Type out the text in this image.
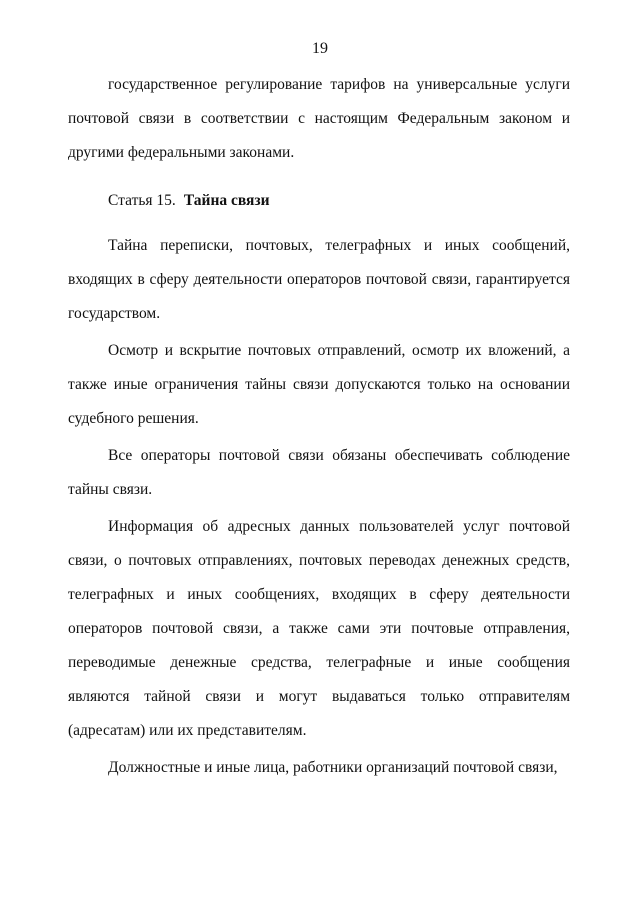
19

государственное регулирование тарифов на универсальные услуги почтовой связи в соответствии с настоящим Федеральным законом и другими федеральными законами.

Статья 15. Тайна связи

Тайна переписки, почтовых, телеграфных и иных сообщений, входящих в сферу деятельности операторов почтовой связи, гарантируется государством.

Осмотр и вскрытие почтовых отправлений, осмотр их вложений, а также иные ограничения тайны связи допускаются только на основании судебного решения.

Все операторы почтовой связи обязаны обеспечивать соблюдение тайны связи.

Информация об адресных данных пользователей услуг почтовой связи, о почтовых отправлениях, почтовых переводах денежных средств, телеграфных и иных сообщениях, входящих в сферу деятельности операторов почтовой связи, а также сами эти почтовые отправления, переводимые денежные средства, телеграфные и иные сообщения являются тайной связи и могут выдаваться только отправителям (адресатам) или их представителям.

Должностные и иные лица, работники организаций почтовой связи,
